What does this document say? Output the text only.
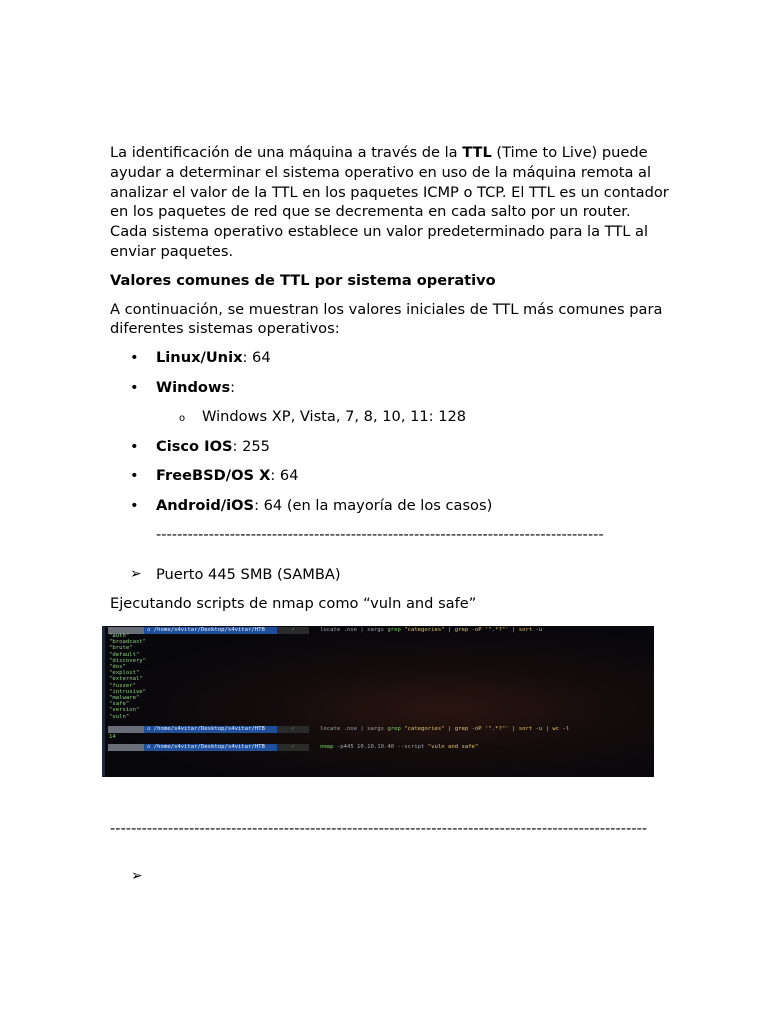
La identificación de una máquina a través de la TTL (Time to Live) puede ayudar a determinar el sistema operativo en uso de la máquina remota al analizar el valor de la TTL en los paquetes ICMP o TCP. El TTL es un contador en los paquetes de red que se decrementa en cada salto por un router. Cada sistema operativo establece un valor predeterminado para la TTL al enviar paquetes.

Valores comunes de TTL por sistema operativo

A continuación, se muestran los valores iniciales de TTL más comunes para diferentes sistemas operativos:

• Linux/Unix: 64
• Windows:
o Windows XP, Vista, 7, 8, 10, 11: 128
• Cisco IOS: 255
• FreeBSD/OS X: 64
• Android/iOS: 64 (en la mayoría de los casos)
-------------------------------------------------------------------------------------
➢ Puerto 445 SMB (SAMBA)

Ejecutando scripts de nmap como “vuln and safe”

⌂ /home/s4vitar/Desktop/s4vitar/HTB	✓	locate .nse | xargs grep "categories" | grep -oP '".*?"' | sort -u
"auth"
"broadcast"
"brute"
"default"
"discovery"
"dos"
"exploit"
"external"
"fuzzer"
"intrusive"
"malware"
"safe"
"version"
"vuln"
⌂ /home/s4vitar/Desktop/s4vitar/HTB	✓	locate .nse | xargs grep "categories" | grep -oP '".*?"' | sort -u | wc -l
14
⌂ /home/s4vitar/Desktop/s4vitar/HTB	✓	nmap -p445 10.10.10.40 --script "vuln and safe"
------------------------------------------------------------------------------------------------------
➢
